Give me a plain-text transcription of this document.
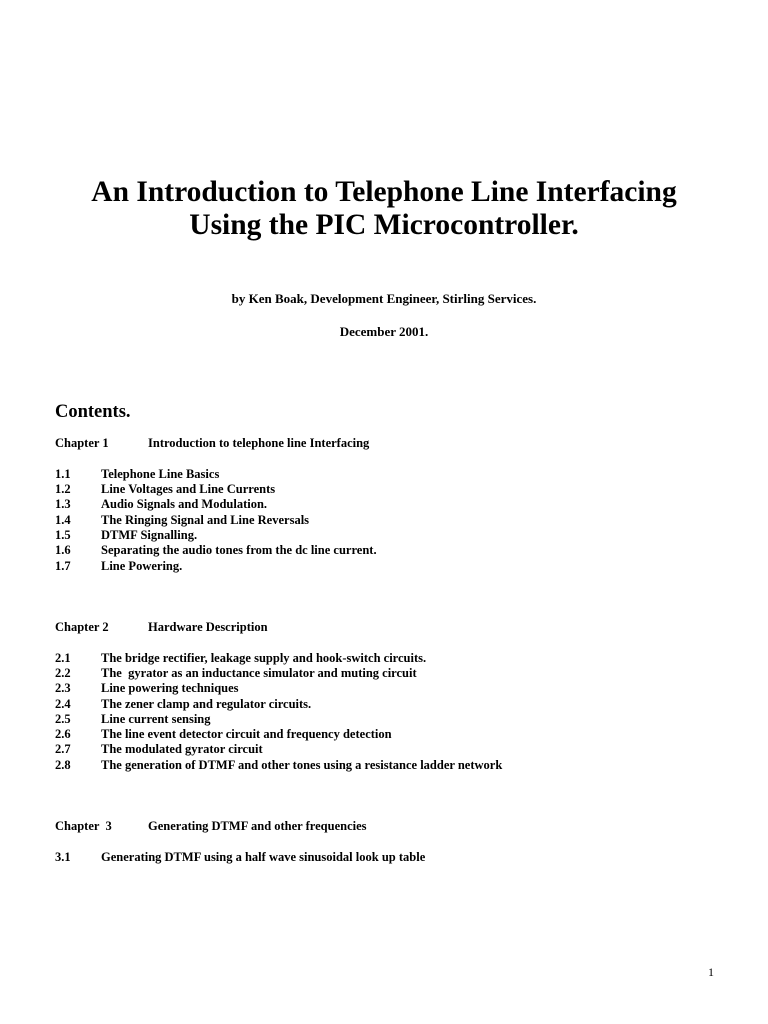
An Introduction to Telephone Line Interfacing
Using the PIC Microcontroller.
by Ken Boak, Development Engineer, Stirling Services.
December 2001.
Contents.
Chapter 1	Introduction to telephone line Interfacing
1.1	Telephone Line Basics
1.2	Line Voltages and Line Currents
1.3	Audio Signals and Modulation.
1.4	The Ringing Signal and Line Reversals
1.5	DTMF Signalling.
1.6	Separating the audio tones from the dc line current.
1.7	Line Powering.
Chapter 2	Hardware Description
2.1	The bridge rectifier, leakage supply and hook-switch circuits.
2.2	The  gyrator as an inductance simulator and muting circuit
2.3	Line powering techniques
2.4	The zener clamp and regulator circuits.
2.5	Line current sensing
2.6	The line event detector circuit and frequency detection
2.7	The modulated gyrator circuit
2.8	The generation of DTMF and other tones using a resistance ladder network
Chapter  3	Generating DTMF and other frequencies
3.1	Generating DTMF using a half wave sinusoidal look up table
1
